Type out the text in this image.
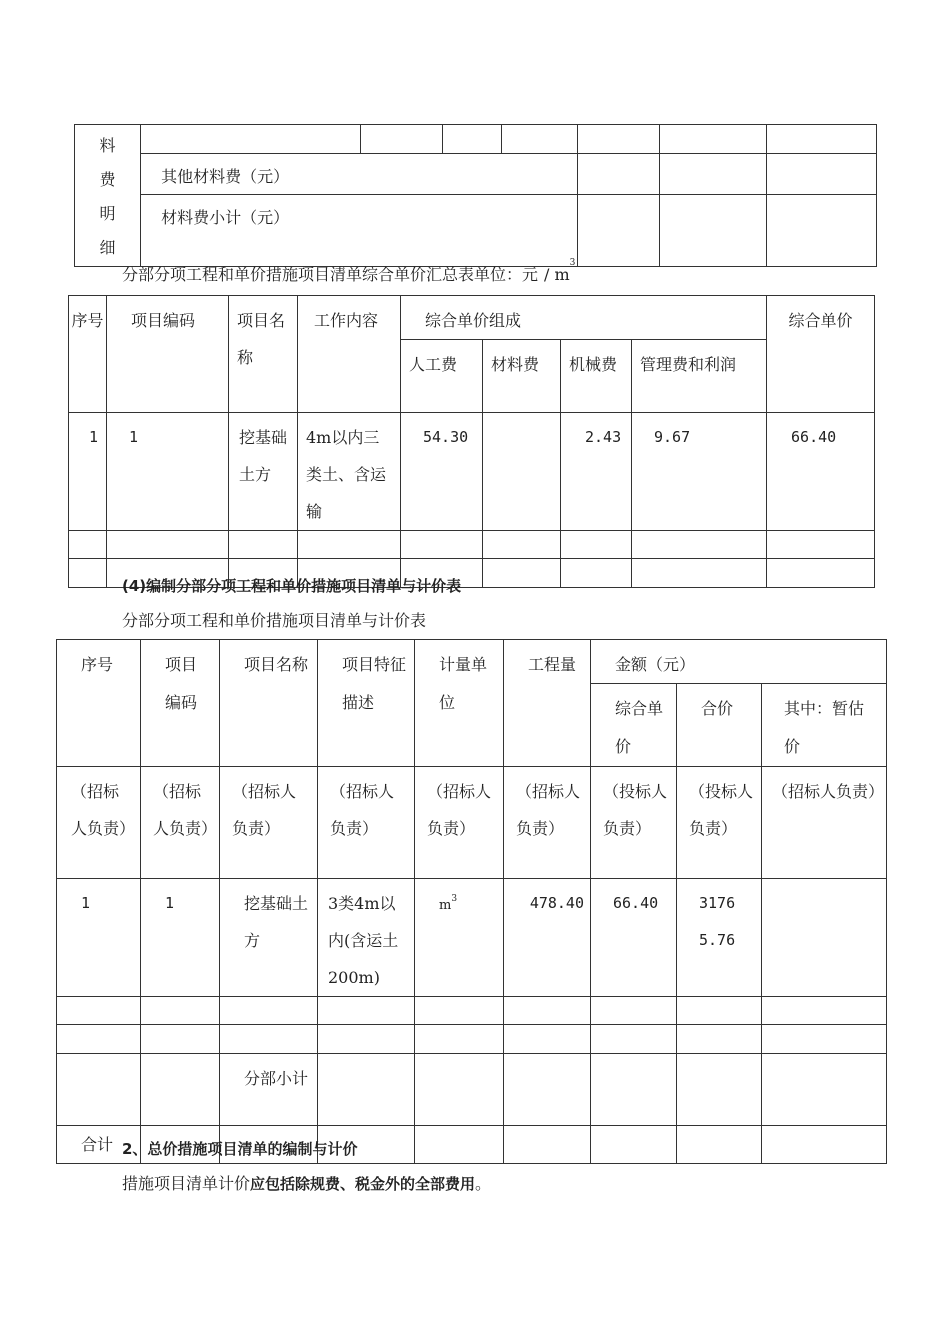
料
费
明
细							

	其他材料费（元）						
	材料费小计（元）						
分部分项工程和单价措施项目清单综合单价汇总表单位：元 / $m^3$
序号	项目编码	项目名称	工作内容	综合单价组成				综合单价
				人工费	材料费	机械费	管理费和利润	
1	1	挖基础土方	4m以内三类土、含运输	54.30		2.43	9.67	66.40

(4)编制分部分项工程和单价措施项目清单与计价表
分部分项工程和单价措施项目清单与计价表
序号	项目编码	项目名称	项目特征描述	计量单位	工程量	金额（元）		
						综合单价	合价	其中：暂估价
（招标人负责）	（招标人负责）	（招标人负责）	（招标人负责）	（招标人负责）	（招标人负责）	（投标人负责）	（投标人负责）	（招标人负责）
1	1	挖基础土方	3类4m以内(含运土200m)	$m^3$	478.40	66.40	31765.76	

		分部小计						
合计								2、总价措施项目清单的编制与计价
措施项目清单计价应包括除规费、税金外的全部费用。
